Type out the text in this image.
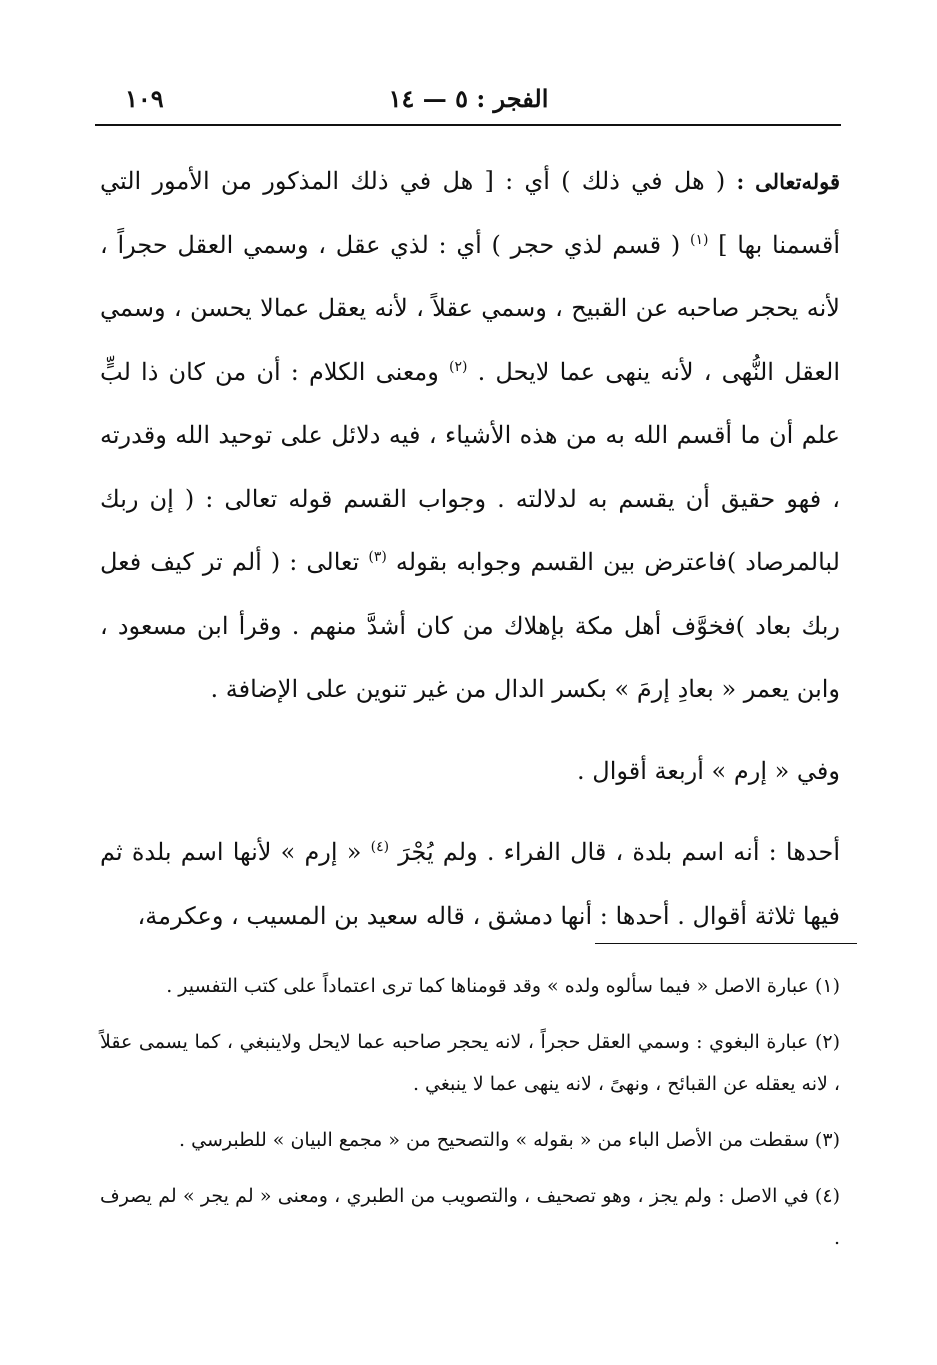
الفجر : ٥ — ١٤
١٠٩

قوله‌تعالى : ( هل في ذلك ) أي : [ هل في ذلك المذكور من الأمور التي أقسمنا بها ] $^{(١)}$ ( قسم لذي حجر ) أي : لذي عقل ، وسمي العقل حجراً ، لأنه يحجر صاحبه عن القبيح ، وسمي عقلاً ، لأنه يعقل عمالا يحسن ، وسمي العقل النُّهى ، لأنه ينهى عما لايحل . $^{(٢)}$ ومعنى الكلام : أن من كان ذا لبٍّ علم أن ما أقسم الله به من هذه الأشياء ، فيه دلائل على توحيد الله وقدرته ، فهو حقيق أن يقسم به لدلالته . وجواب القسم قوله تعالى : ( إن ربك لبالمرصاد )فاعترض بين القسم وجوابه بقوله $^{(٣)}$ تعالى : ( ألم تر كيف فعل ربك بعاد )فخوَّف أهل مكة بإهلاك من كان أشدَّ منهم . وقرأ ابن مسعود ، وابن يعمر « بعادِ إرمَ » بكسر الدال من غير تنوين على الإضافة .

وفي « إرم » أربعة أقوال .

أحدها : أنه اسم بلدة ، قال الفراء . ولم يُجْرَ $^{(٤)}$ « إرم » لأنها اسم بلدة ثم فيها ثلاثة أقوال . أحدها : أنها دمشق ، قاله سعيد بن المسيب ، وعكرمة،

(١) عبارة الاصل « فيما سألوه ولده » وقد قومناها كما ترى اعتماداً على كتب التفسير .

(٢) عبارة البغوي : وسمي العقل حجراً ، لانه يحجر صاحبه عما لايحل ولاينبغي ، كما يسمى عقلاً ، لانه يعقله عن القبائح ، ونهىً ، لانه ينهى عما لا ينبغي .

(٣) سقطت من الأصل الباء من « بقوله » والتصحيح من « مجمع البيان » للطبرسي .

(٤) في الاصل : ولم يجز ، وهو تصحيف ، والتصويب من الطبري ، ومعنى « لم يجر » لم يصرف .
